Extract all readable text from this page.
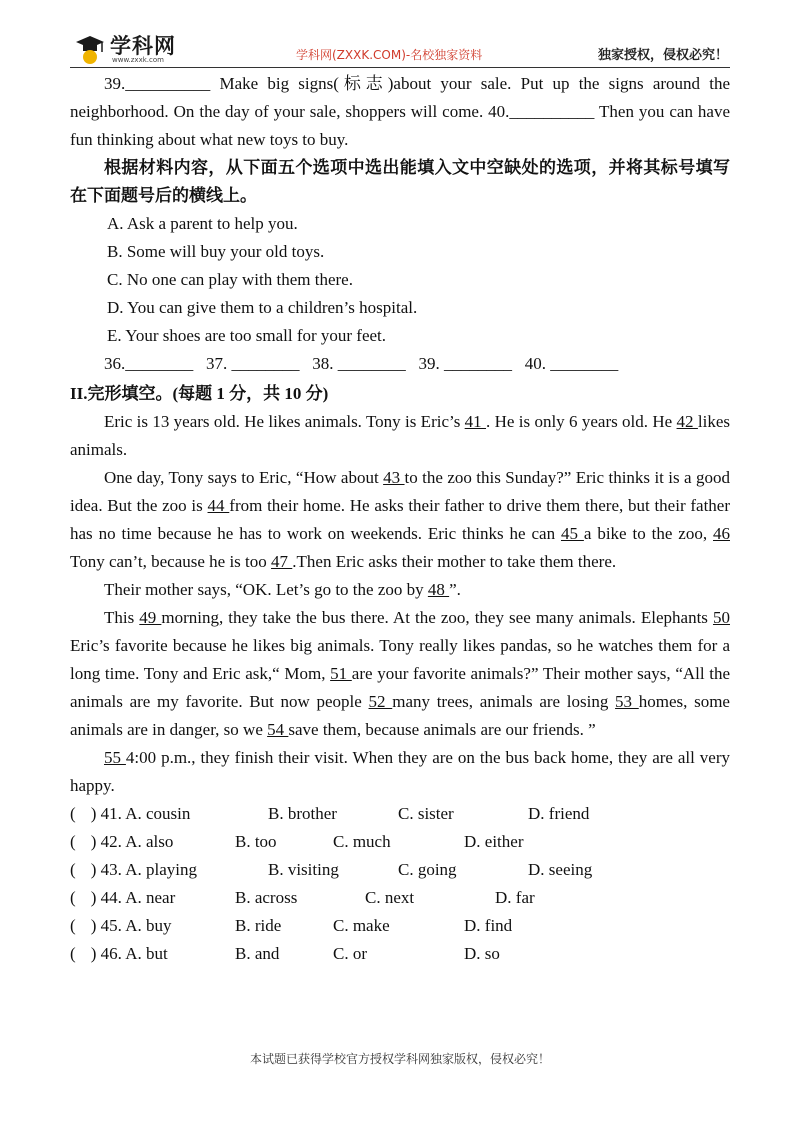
学科网
www.zxxk.com	学科网(ZXXK.COM)-名校独家资料	独家授权，侵权必究！

39.__________ Make big signs(标志)about your sale. Put up the signs around the neighborhood. On the day of your sale, shoppers will come. 40.__________ Then you can have fun thinking about what new toys to buy.

根据材料内容，从下面五个选项中选出能填入文中空缺处的选项，并将其标号填写在下面题号后的横线上。

A. Ask a parent to help you.
B. Some will buy your old toys.
C. No one can play with them there.
D. You can give them to a children’s hospital.
E. Your shoes are too small for your feet.
36.________   37. ________   38. ________   39. ________   40. ________
II.完形填空。(每题 1 分，共 10 分)

Eric is 13 years old. He likes animals. Tony is Eric’s 41 . He is only 6 years old. He 42 likes animals.

One day, Tony says to Eric, “How about 43 to the zoo this Sunday?” Eric thinks it is a good idea. But the zoo is 44 from their home. He asks their father to drive them there, but their father has no time because he has to work on weekends. Eric thinks he can 45 a bike to the zoo, 46 Tony can’t, because he is too 47 .Then Eric asks their mother to take them there.

Their mother says, “OK. Let’s go to the zoo by 48 ”.

This 49 morning, they take the bus there. At the zoo, they see many animals. Elephants 50 Eric’s favorite because he likes big animals. Tony really likes pandas, so he watches them for a long time. Tony and Eric ask,“ Mom, 51 are your favorite animals?” Their mother says, “All the animals are my favorite. But now people 52 many trees, animals are losing 53 homes, some animals are in danger, so we 54 save them, because animals are our friends. ”

55 4:00 p.m., they finish their visit. When they are on the bus back home, they are all very happy.

( ) 41. A. cousin	B. brother	C. sister	D. friend
( ) 42. A. also	B. too	C. much	D. either
( ) 43. A. playing	B. visiting	C. going	D. seeing
( ) 44. A. near	B. across	C. next	D. far
( ) 45. A. buy	B. ride	C. make	D. find
( ) 46. A. but	B. and	C. or	D. so
本试题已获得学校官方授权学科网独家版权，侵权必究！
